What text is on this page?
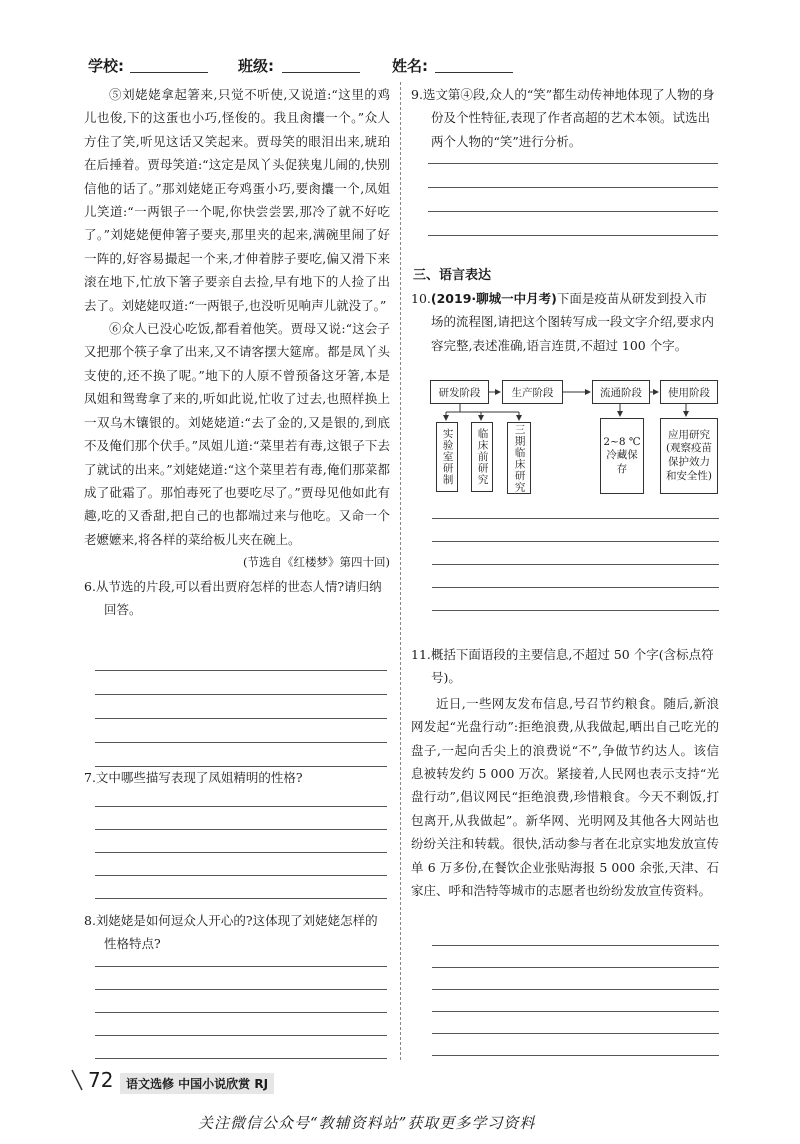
学校:	班级:	姓名:

⑤刘姥姥拿起箸来,只觉不听使,又说道:“这里的鸡儿也俊,下的这蛋也小巧,怪俊的。我且肏攮一个。”众人方住了笑,听见这话又笑起来。贾母笑的眼泪出来,琥珀在后捶着。贾母笑道:“这定是凤丫头促狭鬼儿闹的,快别信他的话了。”那刘姥姥正夸鸡蛋小巧,要肏攮一个,凤姐儿笑道:“一两银子一个呢,你快尝尝罢,那冷了就不好吃了。”刘姥姥便伸箸子要夹,那里夹的起来,满碗里闹了好一阵的,好容易撮起一个来,才伸着脖子要吃,偏又滑下来滚在地下,忙放下箸子要亲自去捡,早有地下的人捡了出去了。刘姥姥叹道:“一两银子,也没听见响声儿就没了。”

⑥众人已没心吃饭,都看着他笑。贾母又说:“这会子又把那个筷子拿了出来,又不请客摆大筵席。都是凤丫头支使的,还不换了呢。”地下的人原不曾预备这牙箸,本是凤姐和鸳鸯拿了来的,听如此说,忙收了过去,也照样换上一双乌木镶银的。刘姥姥道:“去了金的,又是银的,到底不及俺们那个伏手。”凤姐儿道:“菜里若有毒,这银子下去了就试的出来。”刘姥姥道:“这个菜里若有毒,俺们那菜都成了砒霜了。那怕毒死了也要吃尽了。”贾母见他如此有趣,吃的又香甜,把自己的也都端过来与他吃。又命一个老嬷嬷来,将各样的菜给板儿夹在碗上。

(节选自《红楼梦》第四十回)

6.从节选的片段,可以看出贾府怎样的世态人情?请归纳回答。

7.文中哪些描写表现了凤姐精明的性格?

8.刘姥姥是如何逗众人开心的?这体现了刘姥姥怎样的性格特点?

9.选文第④段,众人的“笑”都生动传神地体现了人物的身份及个性特征,表现了作者高超的艺术本领。试选出两个人物的“笑”进行分析。

三、语言表达

10.(2019·聊城一中月考)下面是疫苗从研发到投入市场的流程图,请把这个图转写成一段文字介绍,要求内容完整,表述准确,语言连贯,不超过 100 个字。

研发阶段	生产阶段	流通阶段	使用阶段
实验室研制 临床前研究 三期临床研究	2~8 ℃冷藏保存
应用研究(观察疫苗保护效力和安全性)

11.概括下面语段的主要信息,不超过 50 个字(含标点符号)。

近日,一些网友发布信息,号召节约粮食。随后,新浪网发起“光盘行动”:拒绝浪费,从我做起,晒出自己吃光的盘子,一起向舌尖上的浪费说“不”,争做节约达人。该信息被转发约 5 000 万次。紧接着,人民网也表示支持“光盘行动”,倡议网民“拒绝浪费,珍惜粮食。今天不剩饭,打包离开,从我做起”。新华网、光明网及其他各大网站也纷纷关注和转载。很快,活动参与者在北京实地发放宣传单 6 万多份,在餐饮企业张贴海报 5 000 余张,天津、石家庄、呼和浩特等城市的志愿者也纷纷发放宣传资料。

72	语文选修 中国小说欣赏 RJ
关注微信公众号“教辅资料站”获取更多学习资料
